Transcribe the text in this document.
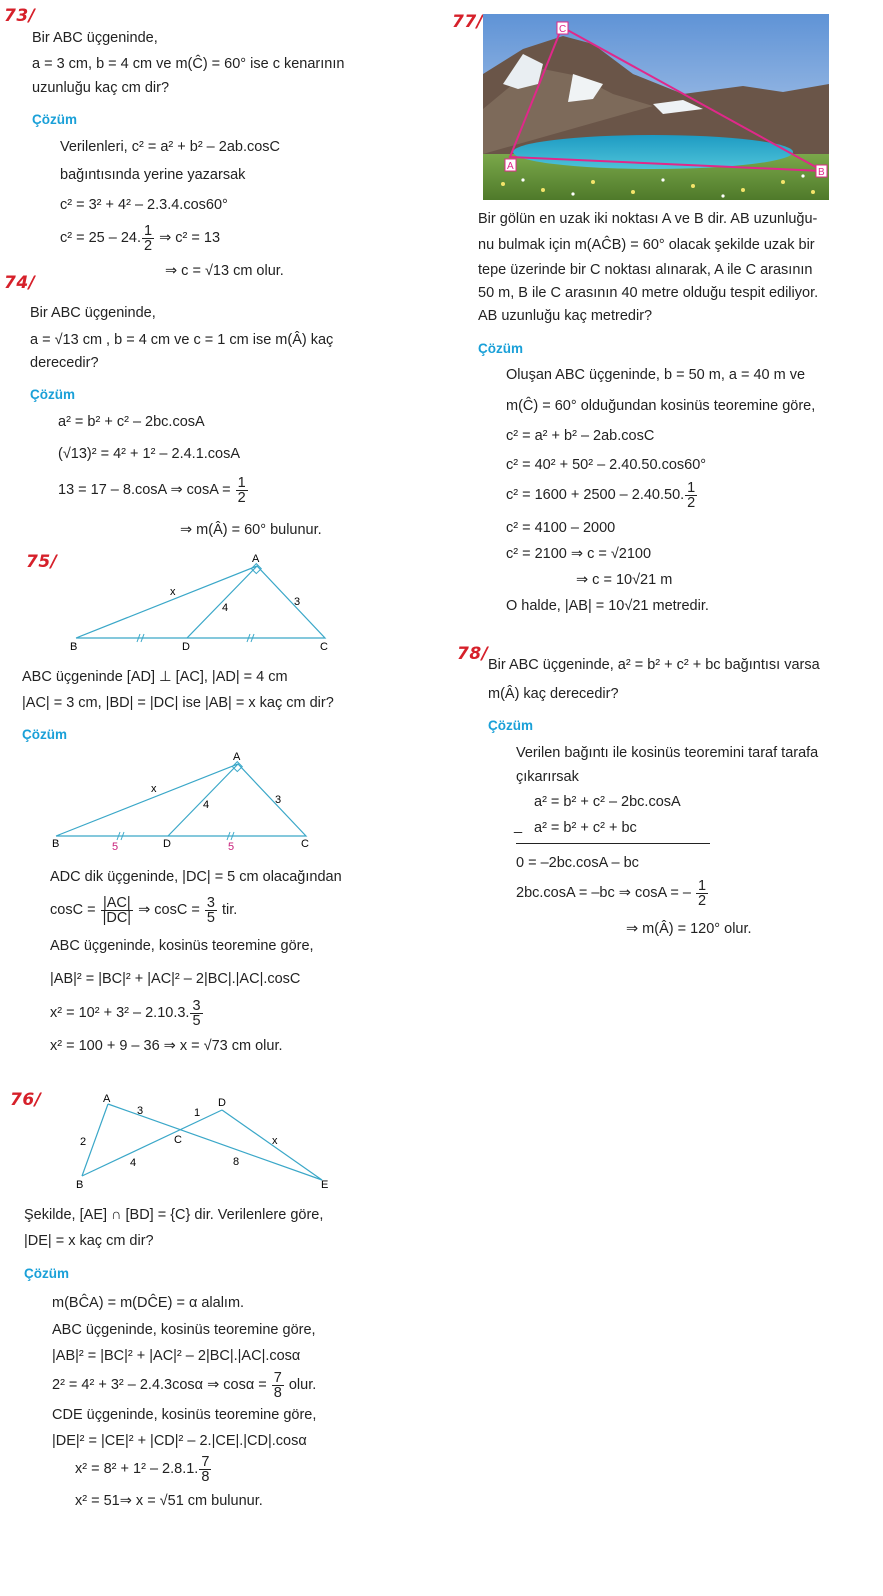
73/
Bir ABC üçgeninde,
a = 3 cm, b = 4 cm ve m(Ĉ) = 60° ise c kenarının
uzunluğu kaç cm dir?
Çözüm
Verilenleri, c² = a² + b² – 2ab.cosC
bağıntısında yerine yazarsak
c² = 3² + 4² – 2.3.4.cos60°
c² = 25 – 24. $\frac{1}{2}$ ⇒ c² = 13
⇒ c = √13 cm olur.
74/
Bir ABC üçgeninde,
a = √13 cm , b = 4 cm ve c = 1 cm ise m(Â) kaç
derecedir?
Çözüm
a² = b² + c² – 2bc.cosA
(√13)² = 4² + 1² – 2.4.1.cosA
13 = 17 – 8.cosA ⇒ $\cos A = \frac{1}{2}$
⇒ m(Â) = 60° bulunur.
75/	A
B	D	C
x
4	3
ABC üçgeninde [AD] ⊥ [AC], |AD| = 4 cm
|AC| = 3 cm, |BD| = |DC| ise |AB| = x kaç cm dir?
Çözüm
A
B	D	C
x
4	3
5	5
ADC dik üçgeninde, |DC| = 5 cm olacağından
$\cos C = \frac{|AC|}{|DC|}$ ⇒ $\cos C = \frac{3}{5}$ tir.
ABC üçgeninde, kosinüs teoremine göre,
|AB|² = |BC|² + |AC|² – 2|BC|.|AC|.cosC
x² = 10² + 3² – 2.10.3. $\frac{3}{5}$
x² = 100 + 9 – 36 ⇒ x = √73 cm olur.
76/	A
B
C
D
E
2
3	1
4	8
x
Şekilde, [AE] ∩ [BD] = {C} dir. Verilenlere göre,
|DE| = x kaç cm dir?
Çözüm
m(BĈA) = m(DĈE) = α alalım.
ABC üçgeninde, kosinüs teoremine göre,
|AB|² = |BC|² + |AC|² – 2|BC|.|AC|.cosα
2² = 4² + 3² – 2.4.3cosα ⇒ $\cos\alpha = \frac{7}{8}$ olur.
CDE üçgeninde, kosinüs teoremine göre,
|DE|² = |CE|² + |CD|² – 2.|CE|.|CD|.cosα
x² = 8² + 1² – 2.8.1. $\frac{7}{8}$
x² = 51⇒ x = √51 cm bulunur.
77/	C
A
B
Bir gölün en uzak iki noktası A ve B dir. AB uzunluğu-
nu bulmak için m(AĈB) = 60° olacak şekilde uzak bir
tepe üzerinde bir C noktası alınarak, A ile C arasının
50 m, B ile C arasının 40 metre olduğu tespit ediliyor.
AB uzunluğu kaç metredir?
Çözüm
Oluşan ABC üçgeninde, b = 50 m, a = 40 m ve
m(Ĉ) = 60° olduğundan kosinüs teoremine göre,
c² = a² + b² – 2ab.cosC
c² = 40² + 50² – 2.40.50.cos60°
c² = 1600 + 2500 – 2.40.50. $\frac{1}{2}$
c² = 4100 – 2000
c² = 2100 ⇒ c = √2100
⇒ c = 10√21 m
O halde, |AB| = 10√21 metredir.
78/
Bir ABC üçgeninde, a² = b² + c² + bc bağıntısı varsa
m(Â) kaç derecedir?
Çözüm
Verilen bağıntı ile kosinüs teoremini taraf tarafa
çıkarırsak
a² = b² + c² – 2bc.cosA
_ a² = b² + c² + bc
0 = –2bc.cosA – bc
2bc.cosA = –bc ⇒ cosA = – $\frac{1}{2}$
⇒ m(Â) = 120° olur.
